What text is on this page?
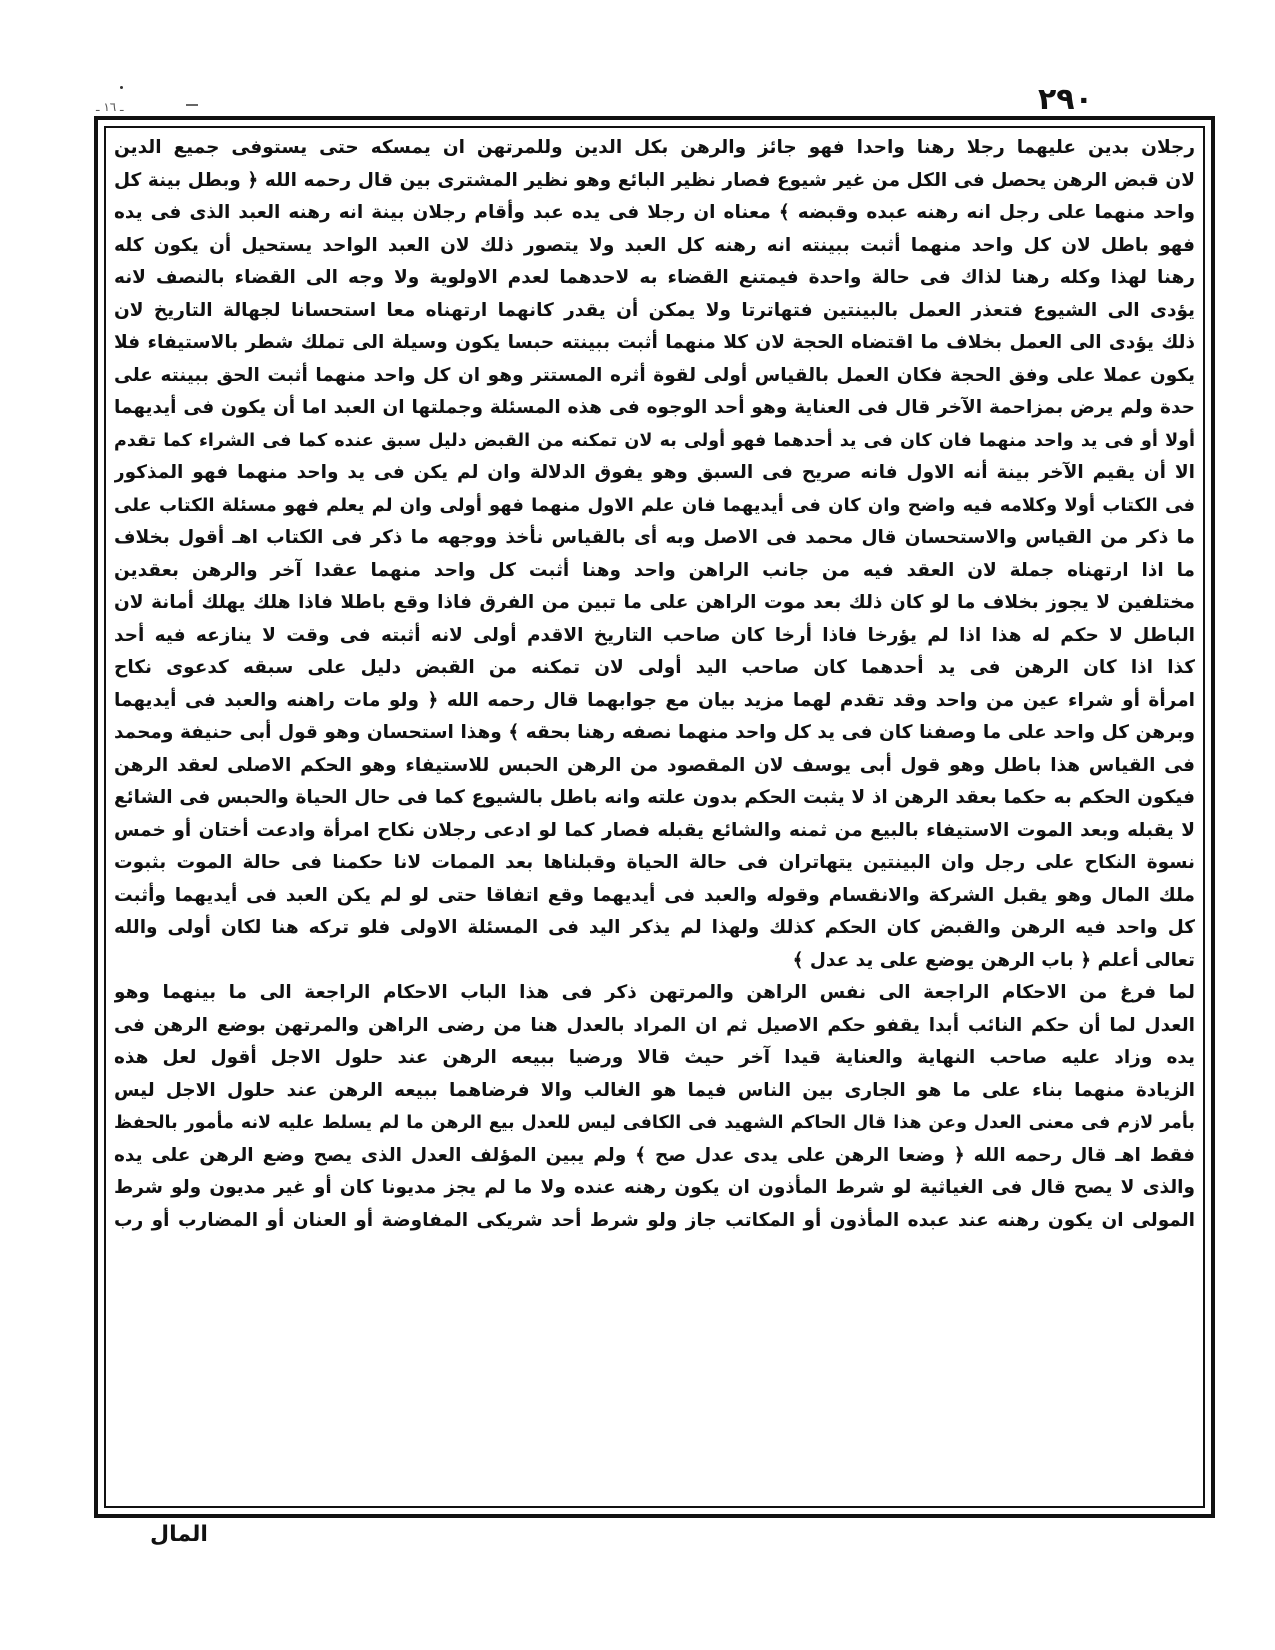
ـ ١٦ ـ	٢٩٠
رجلان بدين عليهما رجلا رهنا واحدا فهو جائز والرهن بكل الدين وللمرتهن ان يمسكه حتى يستوفى جميع الدين
لان قبض الرهن يحصل فى الكل من غير شيوع فصار نظير البائع وهو نظير المشترى بين قال رحمه الله ﴿ وبطل بينة كل
واحد منهما على رجل انه رهنه عبده وقبضه ﴾ معناه ان رجلا فى يده عبد وأقام رجلان بينة انه رهنه العبد الذى فى يده
فهو باطل لان كل واحد منهما أثبت ببينته انه رهنه كل العبد ولا يتصور ذلك لان العبد الواحد يستحيل أن يكون كله
رهنا لهذا وكله رهنا لذاك فى حالة واحدة فيمتنع القضاء به لاحدهما لعدم الاولوية ولا وجه الى القضاء بالنصف لانه
يؤدى الى الشيوع فتعذر العمل بالبينتين فتهاترتا ولا يمكن أن يقدر كانهما ارتهناه معا استحسانا لجهالة التاريخ لان
ذلك يؤدى الى العمل بخلاف ما اقتضاه الحجة لان كلا منهما أثبت ببينته حبسا يكون وسيلة الى تملك شطر بالاستيفاء فلا
يكون عملا على وفق الحجة فكان العمل بالقياس أولى لقوة أثره المستتر وهو ان كل واحد منهما أثبت الحق ببينته على
حدة ولم يرض بمزاحمة الآخر قال فى العناية وهو أحد الوجوه فى هذه المسئلة وجملتها ان العبد اما أن يكون فى أيديهما
أولا أو فى يد واحد منهما فان كان فى يد أحدهما فهو أولى به لان تمكنه من القبض دليل سبق عنده كما فى الشراء كما تقدم
الا أن يقيم الآخر بينة أنه الاول فانه صريح فى السبق وهو يفوق الدلالة وان لم يكن فى يد واحد منهما فهو المذكور
فى الكتاب أولا وكلامه فيه واضح وان كان فى أيديهما فان علم الاول منهما فهو أولى وان لم يعلم فهو مسئلة الكتاب على
ما ذكر من القياس والاستحسان قال محمد فى الاصل وبه أى بالقياس نأخذ ووجهه ما ذكر فى الكتاب اهـ أقول بخلاف
ما اذا ارتهناه جملة لان العقد فيه من جانب الراهن واحد وهنا أثبت كل واحد منهما عقدا آخر والرهن بعقدين
مختلفين لا يجوز بخلاف ما لو كان ذلك بعد موت الراهن على ما تبين من الفرق فاذا وقع باطلا فاذا هلك يهلك أمانة لان
الباطل لا حكم له هذا اذا لم يؤرخا فاذا أرخا كان صاحب التاريخ الاقدم أولى لانه أثبته فى وقت لا ينازعه فيه أحد
كذا اذا كان الرهن فى يد أحدهما كان صاحب اليد أولى لان تمكنه من القبض دليل على سبقه كدعوى نكاح
امرأة أو شراء عين من واحد وقد تقدم لهما مزيد بيان مع جوابهما قال رحمه الله ﴿ ولو مات راهنه والعبد فى أيديهما
وبرهن كل واحد على ما وصفنا كان فى يد كل واحد منهما نصفه رهنا بحقه ﴾ وهذا استحسان وهو قول أبى حنيفة ومحمد
فى القياس هذا باطل وهو قول أبى يوسف لان المقصود من الرهن الحبس للاستيفاء وهو الحكم الاصلى لعقد الرهن
فيكون الحكم به حكما بعقد الرهن اذ لا يثبت الحكم بدون علته وانه باطل بالشيوع كما فى حال الحياة والحبس فى الشائع
لا يقبله وبعد الموت الاستيفاء بالبيع من ثمنه والشائع يقبله فصار كما لو ادعى رجلان نكاح امرأة وادعت أختان أو خمس
نسوة النكاح على رجل وان البينتين يتهاتران فى حالة الحياة وقبلناها بعد الممات لانا حكمنا فى حالة الموت بثبوت
ملك المال وهو يقبل الشركة والانقسام وقوله والعبد فى أيديهما وقع اتفاقا حتى لو لم يكن العبد فى أيديهما وأثبت
كل واحد فيه الرهن والقبض كان الحكم كذلك ولهذا لم يذكر اليد فى المسئلة الاولى فلو تركه هنا لكان أولى والله
تعالى أعلم ﴿ باب الرهن يوضع على يد عدل ﴾
لما فرغ من الاحكام الراجعة الى نفس الراهن والمرتهن ذكر فى هذا الباب الاحكام الراجعة الى ما بينهما وهو
العدل لما أن حكم النائب أبدا يقفو حكم الاصيل ثم ان المراد بالعدل هنا من رضى الراهن والمرتهن بوضع الرهن فى
يده وزاد عليه صاحب النهاية والعناية قيدا آخر حيث قالا ورضيا ببيعه الرهن عند حلول الاجل أقول لعل هذه
الزيادة منهما بناء على ما هو الجارى بين الناس فيما هو الغالب والا فرضاهما ببيعه الرهن عند حلول الاجل ليس
بأمر لازم فى معنى العدل وعن هذا قال الحاكم الشهيد فى الكافى ليس للعدل بيع الرهن ما لم يسلط عليه لانه مأمور بالحفظ
فقط اهـ قال رحمه الله ﴿ وضعا الرهن على يدى عدل صح ﴾ ولم يبين المؤلف العدل الذى يصح وضع الرهن على يده
والذى لا يصح قال فى الغياثية لو شرط المأذون ان يكون رهنه عنده ولا ما لم يجز مديونا كان أو غير مديون ولو شرط
المولى ان يكون رهنه عند عبده المأذون أو المكاتب جاز ولو شرط أحد شريكى المفاوضة أو العنان أو المضارب أو رب
المال
